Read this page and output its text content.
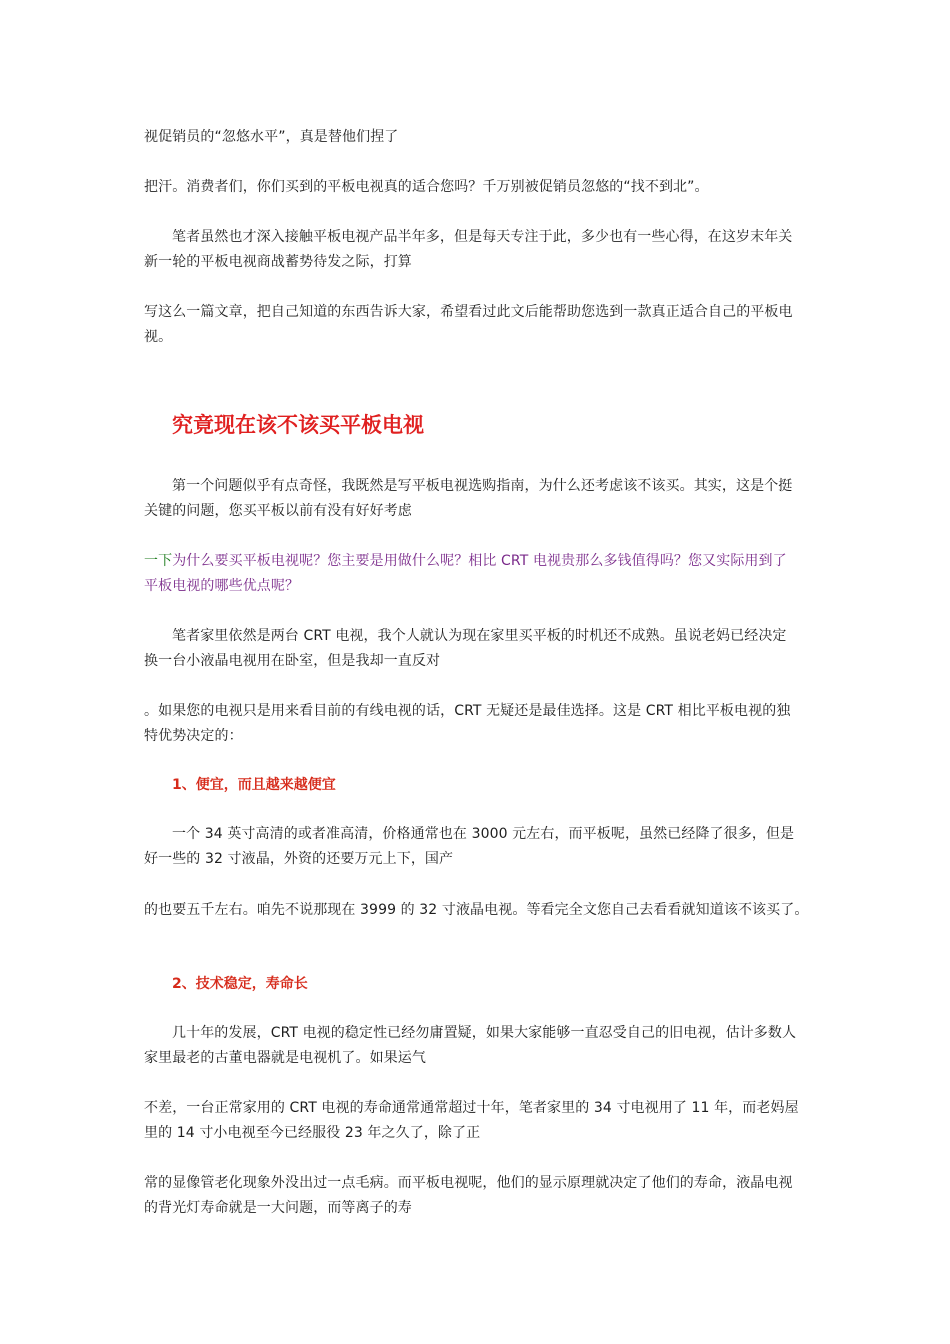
视促销员的“忽悠水平”，真是替他们捏了
把汗。消费者们，你们买到的平板电视真的适合您吗？千万别被促销员忽悠的“找不到北”。
笔者虽然也才深入接触平板电视产品半年多，但是每天专注于此，多少也有一些心得，在这岁末年关
新一轮的平板电视商战蓄势待发之际，打算
写这么一篇文章，把自己知道的东西告诉大家，希望看过此文后能帮助您选到一款真正适合自己的平板电
视。
究竟现在该不该买平板电视
第一个问题似乎有点奇怪，我既然是写平板电视选购指南，为什么还考虑该不该买。其实，这是个挺
关键的问题，您买平板以前有没有好好考虑
一下为什么要买平板电视呢？您主要是用做什么呢？相比 CRT 电视贵那么多钱值得吗？您又实际用到了
平板电视的哪些优点呢？
笔者家里依然是两台 CRT 电视，我个人就认为现在家里买平板的时机还不成熟。虽说老妈已经决定
换一台小液晶电视用在卧室，但是我却一直反对
。如果您的电视只是用来看目前的有线电视的话，CRT 无疑还是最佳选择。这是 CRT 相比平板电视的独
特优势决定的：
1、便宜，而且越来越便宜
一个 34 英寸高清的或者准高清，价格通常也在 3000 元左右，而平板呢，虽然已经降了很多，但是
好一些的 32 寸液晶，外资的还要万元上下，国产
的也要五千左右。咱先不说那现在 3999 的 32 寸液晶电视。等看完全文您自己去看看就知道该不该买了。
2、技术稳定，寿命长
几十年的发展，CRT 电视的稳定性已经勿庸置疑，如果大家能够一直忍受自己的旧电视，估计多数人
家里最老的古董电器就是电视机了。如果运气
不差，一台正常家用的 CRT 电视的寿命通常通常超过十年，笔者家里的 34 寸电视用了 11 年，而老妈屋
里的 14 寸小电视至今已经服役 23 年之久了，除了正
常的显像管老化现象外没出过一点毛病。而平板电视呢，他们的显示原理就决定了他们的寿命，液晶电视
的背光灯寿命就是一大问题，而等离子的寿
